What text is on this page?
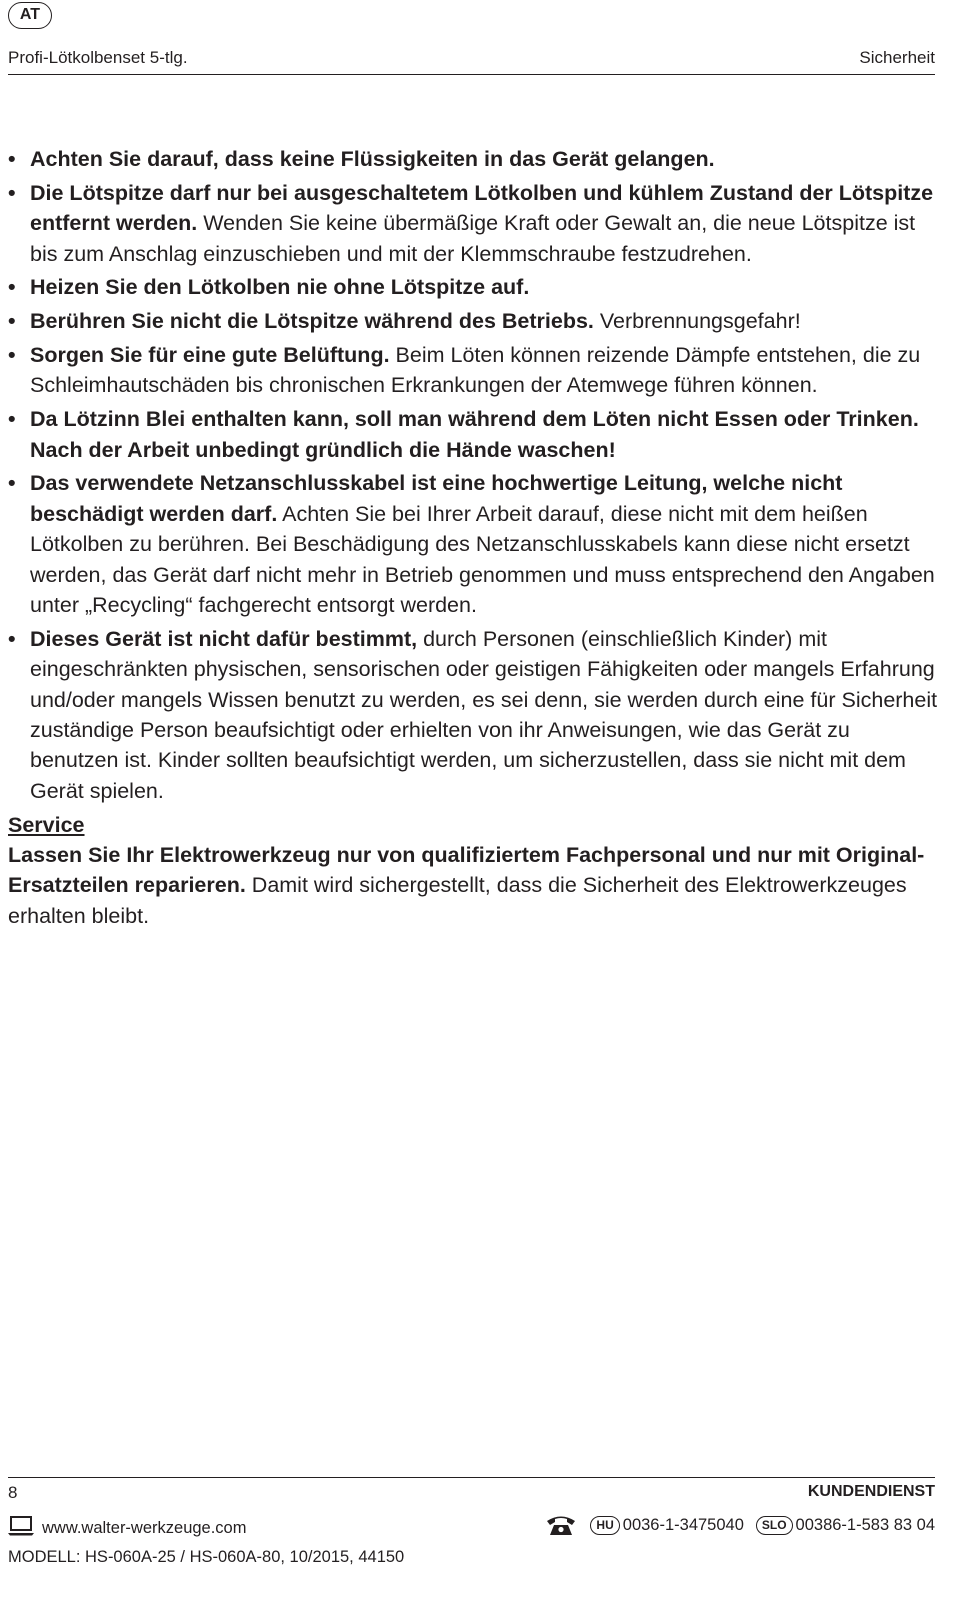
AT
Profi-Lötkolbenset 5-tlg.	Sicherheit
• Achten Sie darauf, dass keine Flüssigkeiten in das Gerät gelangen.
• Die Lötspitze darf nur bei ausgeschaltetem Lötkolben und kühlem Zustand der Lötspitze entfernt werden. Wenden Sie keine übermäßige Kraft oder Gewalt an, die neue Lötspitze ist bis zum Anschlag einzuschieben und mit der Klemmschraube festzudrehen.
• Heizen Sie den Lötkolben nie ohne Lötspitze auf.
• Berühren Sie nicht die Lötspitze während des Betriebs. Verbrennungsgefahr!
• Sorgen Sie für eine gute Belüftung. Beim Löten können reizende Dämpfe entstehen, die zu Schleimhautschäden bis chronischen Erkrankungen der Atemwege führen können.
• Da Lötzinn Blei enthalten kann, soll man während dem Löten nicht Essen oder Trinken. Nach der Arbeit unbedingt gründlich die Hände waschen!
• Das verwendete Netzanschlusskabel ist eine hochwertige Leitung, welche nicht beschädigt werden darf. Achten Sie bei Ihrer Arbeit darauf, diese nicht mit dem heißen Lötkolben zu berühren. Bei Beschädigung des Netzanschlusskabels kann diese nicht ersetzt werden, das Gerät darf nicht mehr in Betrieb genommen und muss entsprechend den Angaben unter „Recycling“ fachgerecht entsorgt werden.
• Dieses Gerät ist nicht dafür bestimmt, durch Personen (einschließlich Kinder) mit eingeschränkten physischen, sensorischen oder geistigen Fähigkeiten oder mangels Erfahrung und/oder mangels Wissen benutzt zu werden, es sei denn, sie werden durch eine für Sicherheit zuständige Person beaufsichtigt oder erhielten von ihr Anweisungen, wie das Gerät zu benutzen ist. Kinder sollten beaufsichtigt werden, um sicherzustellen, dass sie nicht mit dem Gerät spielen.
Service
Lassen Sie Ihr Elektrowerkzeug nur von qualifiziertem Fachpersonal und nur mit Original-Ersatzteilen reparieren. Damit wird sichergestellt, dass die Sicherheit des Elektrowerkzeuges erhalten bleibt.
8	KUNDENDIENST
www.walter-werkzeuge.com	HU 0036-1-3475040	SLO 00386-1-583 83 04
MODELL: HS-060A-25 / HS-060A-80, 10/2015, 44150
